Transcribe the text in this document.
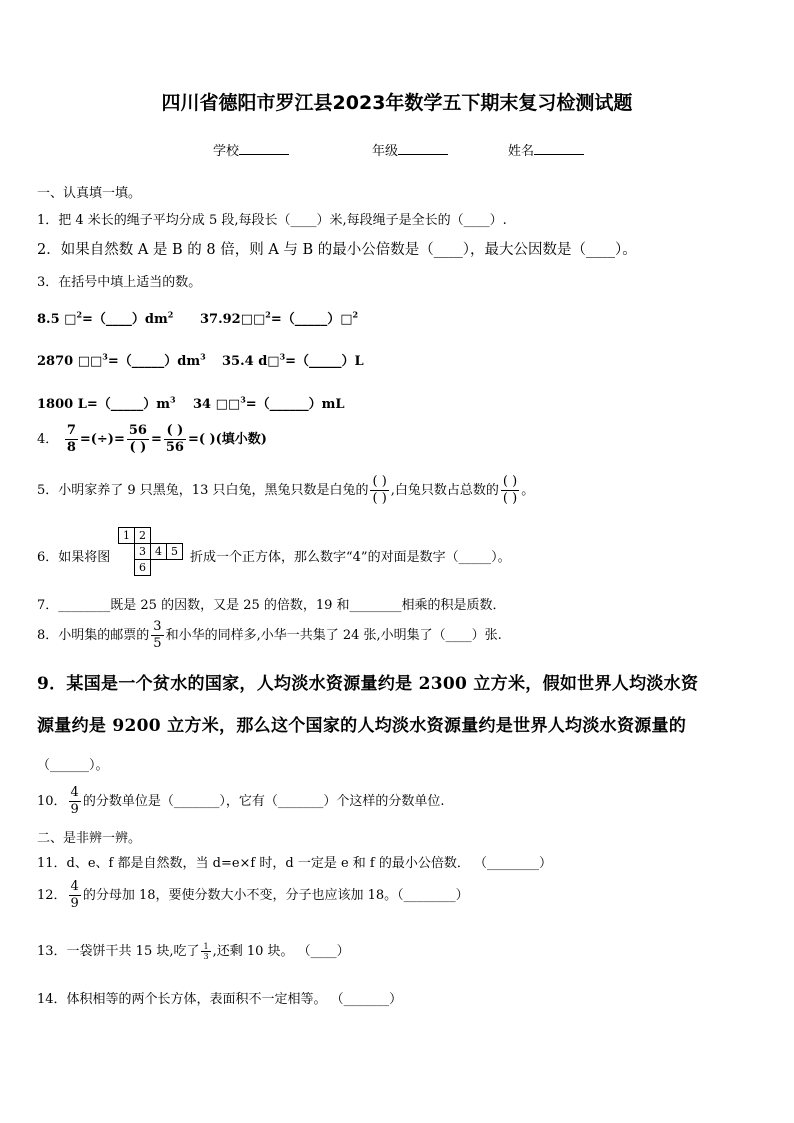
四川省德阳市罗江县2023年数学五下期末复习检测试题
学校	年级	姓名
一、认真填一填。
1．把 4 米长的绳子平均分成 5 段,每段长（____）米,每段绳子是全长的（____）.
2．如果自然数 A 是 B 的 8 倍，则 A 与 B 的最小公倍数是（____），最大公因数是（____）。
3．在括号中填上适当的数。
8.5 $□^2=(\_\_\_\_)dm^2$ 37.92□□$^2$=（_____）□$^2$
2870 $□□^3=(\_\_\_\_\_)dm^3$ 35.4 d□$^3$=（_____）L
1800 $L=(\_\_\_\_\_)m^3$ 34 □□$^3$=（______）mL
4． $\frac{7}{8}$ =(÷)= $\frac{56}{( )} = \frac{( )}{56}$ =( )(填小数)
5．小明家养了 9 只黑兔，13 只白兔，黑兔只数是白兔的 $\frac{( )}{( )}$ ,白兔只数占总数的 $\frac{( )}{( )}$ 。
6．如果将图
1 2
3 4 5
6
折成一个正方体，那么数字“4”的对面是数字（_____）。
7．________既是 25 的因数，又是 25 的倍数，19 和________相乘的积是质数．
8．小明集的邮票的 $\frac{3}{5}$ 和小华的同样多,小华一共集了 24 张,小明集了（____）张.
9．某国是一个贫水的国家，人均淡水资源量约是 2300 立方米，假如世界人均淡水资
源量约是 9200 立方米，那么这个国家的人均淡水资源量约是世界人均淡水资源量的
（______）。
10． $\frac{4}{9}$ 的分数单位是（_______），它有（_______）个这样的分数单位.
二、是非辨一辨。
11．d、e、f 都是自然数，当 d=e×f 时，d 一定是 e 和 f 的最小公倍数． （________）
12． $\frac{4}{9}$ 的分母加 18，要使分数大小不变，分子也应该加 18。（________）
13．一袋饼干共 15 块,吃了 $\frac{1}{3}$ ,还剩 10 块。 （____）
14．体积相等的两个长方体，表面积不一定相等。 （_______）
